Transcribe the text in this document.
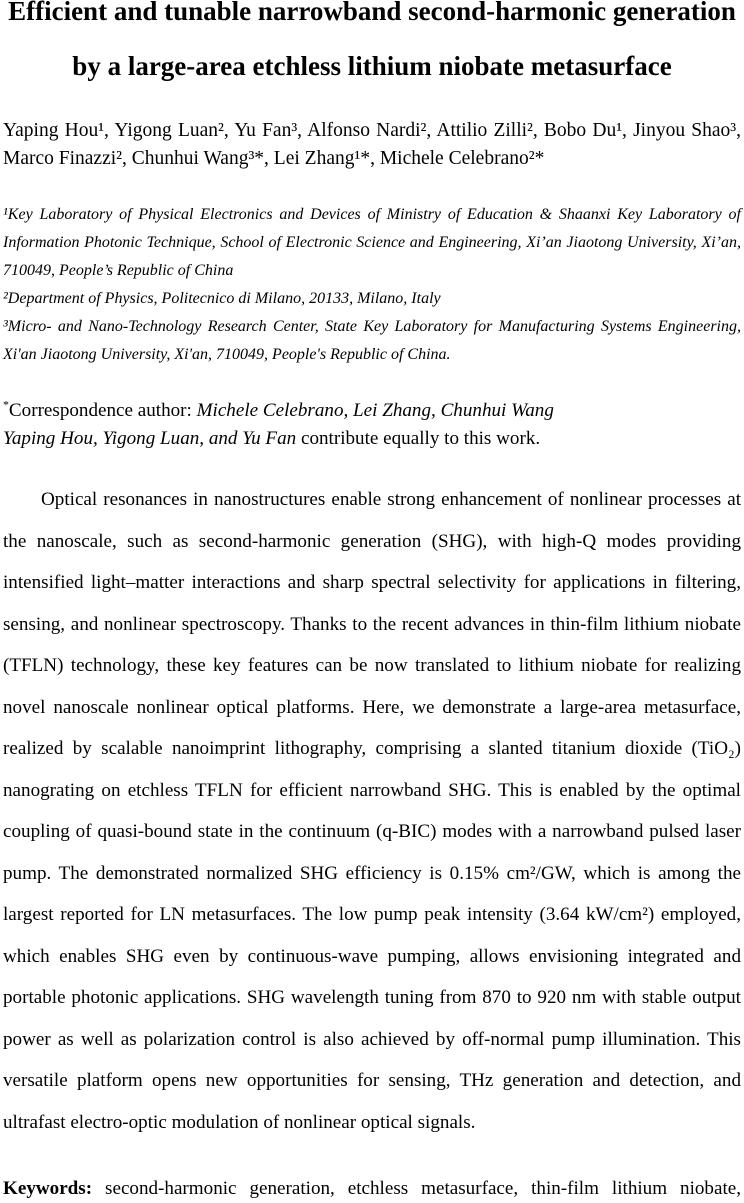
Efficient and tunable narrowband second-harmonic generation
by a large-area etchless lithium niobate metasurface
Yaping Hou¹, Yigong Luan², Yu Fan³, Alfonso Nardi², Attilio Zilli², Bobo Du¹, Jinyou Shao³,
Marco Finazzi², Chunhui Wang³*, Lei Zhang¹*, Michele Celebrano²*
¹Key Laboratory of Physical Electronics and Devices of Ministry of Education & Shaanxi Key Laboratory of
Information Photonic Technique, School of Electronic Science and Engineering, Xi’an Jiaotong University, Xi’an,
710049, People’s Republic of China
²Department of Physics, Politecnico di Milano, 20133, Milano, Italy
³Micro- and Nano-Technology Research Center, State Key Laboratory for Manufacturing Systems Engineering,
Xi'an Jiaotong University, Xi'an, 710049, People's Republic of China.
*Correspondence author: Michele Celebrano, Lei Zhang, Chunhui Wang
Yaping Hou, Yigong Luan, and Yu Fan contribute equally to this work.
Optical resonances in nanostructures enable strong enhancement of nonlinear processes at
the nanoscale, such as second-harmonic generation (SHG), with high-Q modes providing
intensified light–matter interactions and sharp spectral selectivity for applications in filtering,
sensing, and nonlinear spectroscopy. Thanks to the recent advances in thin-film lithium niobate
(TFLN) technology, these key features can be now translated to lithium niobate for realizing
novel nanoscale nonlinear optical platforms. Here, we demonstrate a large-area metasurface,
realized by scalable nanoimprint lithography, comprising a slanted titanium dioxide (TiO₂)
nanograting on etchless TFLN for efficient narrowband SHG. This is enabled by the optimal
coupling of quasi-bound state in the continuum (q-BIC) modes with a narrowband pulsed laser
pump. The demonstrated normalized SHG efficiency is 0.15% cm²/GW, which is among the
largest reported for LN metasurfaces. The low pump peak intensity (3.64 kW/cm²) employed,
which enables SHG even by continuous-wave pumping, allows envisioning integrated and
portable photonic applications. SHG wavelength tuning from 870 to 920 nm with stable output
power as well as polarization control is also achieved by off-normal pump illumination. This
versatile platform opens new opportunities for sensing, THz generation and detection, and
ultrafast electro-optic modulation of nonlinear optical signals.
Keywords: second-harmonic generation, etchless metasurface, thin-film lithium niobate,
